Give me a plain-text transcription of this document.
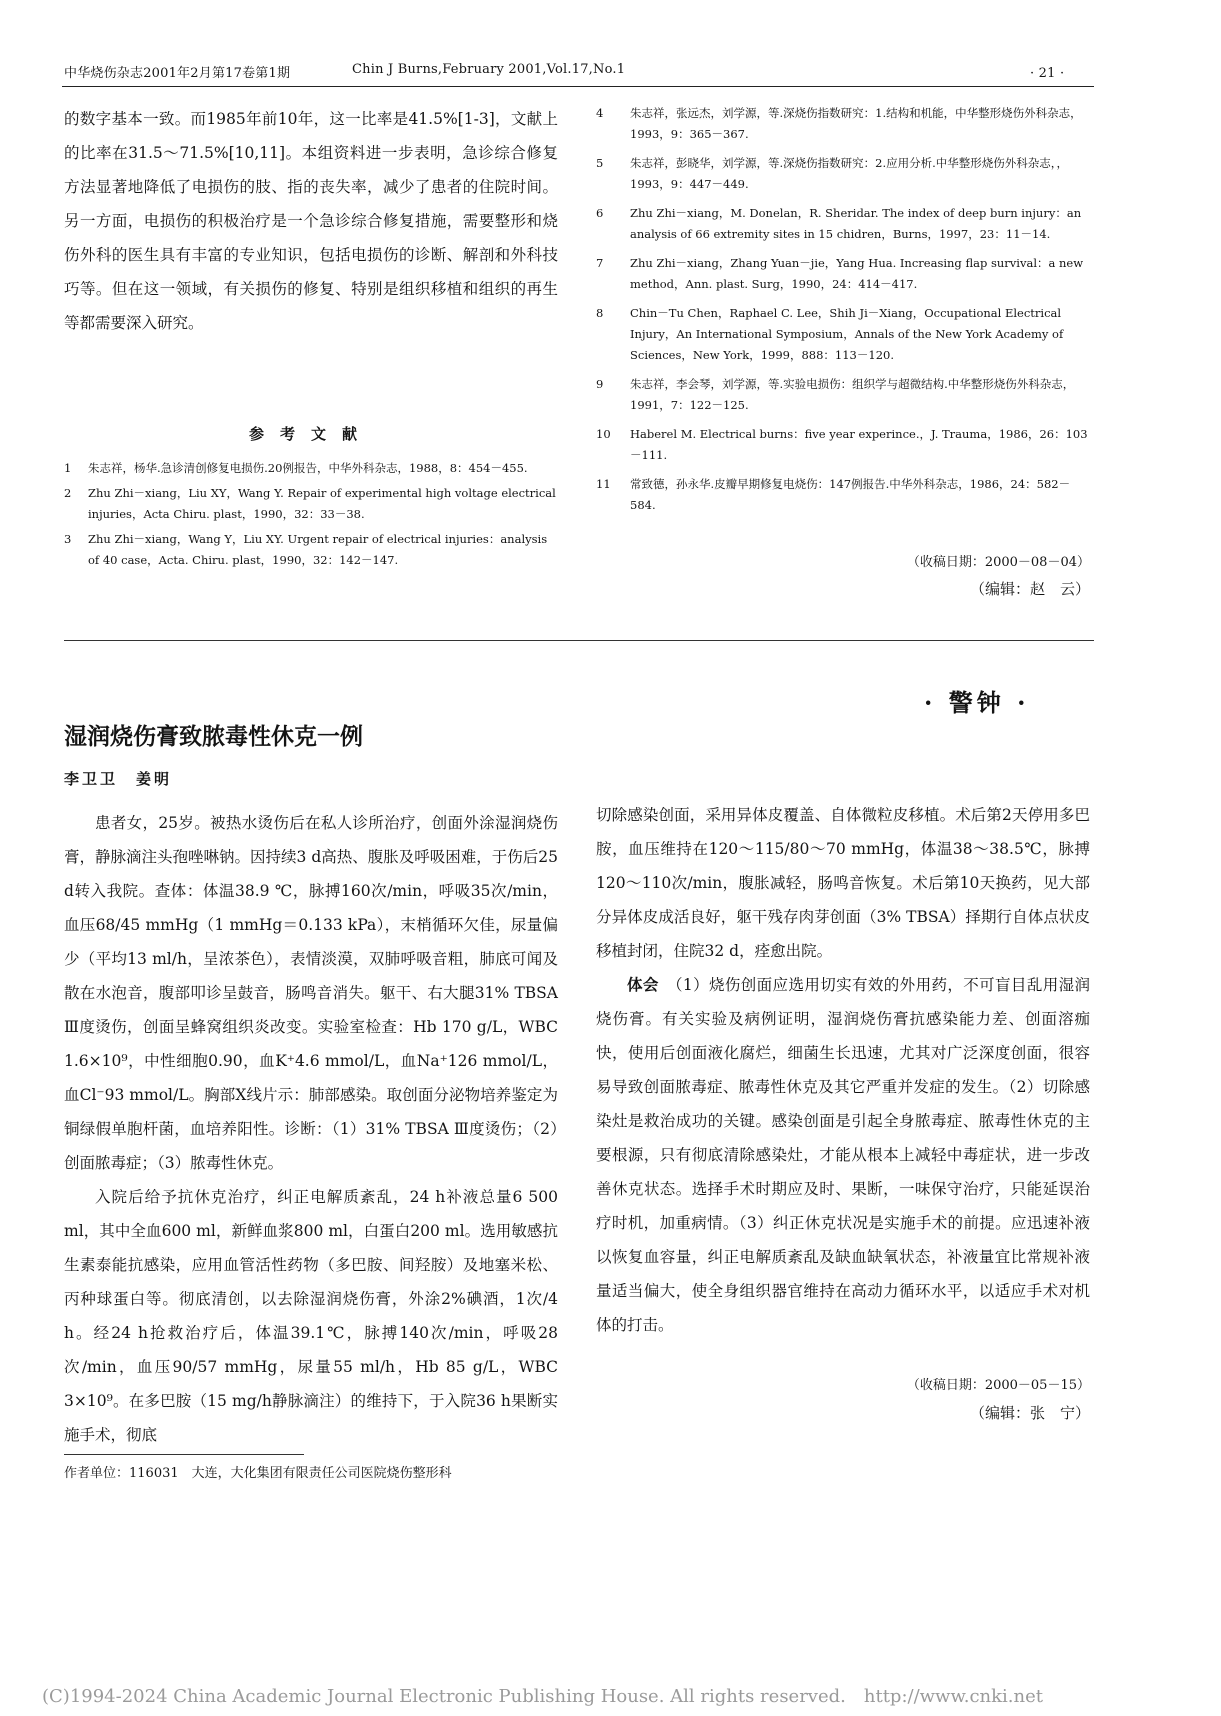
中华烧伤杂志2001年2月第17卷第1期	Chin J Burns,February 2001,Vol.17,No.1	· 21 ·
的数字基本一致。而1985年前10年，这一比率是41.5%[1-3]，文献上的比率在31.5～71.5%[10,11]。本组资料进一步表明，急诊综合修复方法显著地降低了电损伤的肢、指的丧失率，减少了患者的住院时间。另一方面，电损伤的积极治疗是一个急诊综合修复措施，需要整形和烧伤外科的医生具有丰富的专业知识，包括电损伤的诊断、解剖和外科技巧等。但在这一领域，有关损伤的修复、特别是组织移植和组织的再生等都需要深入研究。
参考文献
1	朱志祥，杨华.急诊清创修复电损伤.20例报告，中华外科杂志，1988，8：454－455.
2	Zhu Zhi－xiang，Liu XY，Wang Y. Repair of experimental high voltage electrical injuries，Acta Chiru. plast，1990，32：33－38.
3	Zhu Zhi－xiang，Wang Y，Liu XY. Urgent repair of electrical injuries：analysis of 40 case，Acta. Chiru. plast，1990，32：142－147.
4	朱志祥，张远杰，刘学源，等.深烧伤指数研究：1.结构和机能，中华整形烧伤外科杂志，1993，9：365－367.
5	朱志祥，彭晓华，刘学源，等.深烧伤指数研究：2.应用分析.中华整形烧伤外科杂志，，1993，9：447－449.
6	Zhu Zhi－xiang，M. Donelan，R. Sheridar. The index of deep burn injury：an analysis of 66 extremity sites in 15 chidren，Burns，1997，23：11－14.
7	Zhu Zhi－xiang，Zhang Yuan－jie，Yang Hua. Increasing flap survival：a new method，Ann. plast. Surg，1990，24：414－417.
8	Chin－Tu Chen，Raphael C. Lee，Shih Ji－Xiang，Occupational Electrical Injury，An International Symposium，Annals of the New York Academy of Sciences，New York，1999，888：113－120.
9	朱志祥，李会琴，刘学源，等.实验电损伤：组织学与超微结构.中华整形烧伤外科杂志，1991，7：122－125.
10	Haberel M. Electrical burns：five year experince.，J. Trauma，1986，26：103－111.
11	常致德，孙永华.皮瓣早期修复电烧伤：147例报告.中华外科杂志，1986，24：582－584.
（收稿日期：2000－08－04）
（编辑：赵　云）
· 警钟 ·
湿润烧伤膏致脓毒性休克一例
李卫卫　姜明

患者女，25岁。被热水烫伤后在私人诊所治疗，创面外涂湿润烧伤膏，静脉滴注头孢唑啉钠。因持续3 d高热、腹胀及呼吸困难，于伤后25 d转入我院。查体：体温38.9 ℃，脉搏160次/min，呼吸35次/min，血压68/45 mmHg（1 mmHg＝0.133 kPa），末梢循环欠佳，尿量偏少（平均13 ml/h，呈浓茶色），表情淡漠，双肺呼吸音粗，肺底可闻及散在水泡音，腹部叩诊呈鼓音，肠鸣音消失。躯干、右大腿31% TBSA Ⅲ度烫伤，创面呈蜂窝组织炎改变。实验室检查：Hb 170 g/L，WBC 1.6×10⁹，中性细胞0.90，血K⁺4.6 mmol/L，血Na⁺126 mmol/L，血Cl⁻93 mmol/L。胸部X线片示：肺部感染。取创面分泌物培养鉴定为铜绿假单胞杆菌，血培养阳性。诊断：（1）31% TBSA Ⅲ度烫伤；（2）创面脓毒症；（3）脓毒性休克。

入院后给予抗休克治疗，纠正电解质紊乱，24 h补液总量6 500 ml，其中全血600 ml，新鲜血浆800 ml，白蛋白200 ml。选用敏感抗生素泰能抗感染，应用血管活性药物（多巴胺、间羟胺）及地塞米松、丙种球蛋白等。彻底清创，以去除湿润烧伤膏，外涂2%碘酒，1次/4 h。经24 h抢救治疗后，体温39.1℃，脉搏140次/min，呼吸28次/min，血压90/57 mmHg，尿量55 ml/h，Hb 85 g/L，WBC 3×10⁹。在多巴胺（15 mg/h静脉滴注）的维持下，于入院36 h果断实施手术，彻底

切除感染创面，采用异体皮覆盖、自体微粒皮移植。术后第2天停用多巴胺，血压维持在120～115/80～70 mmHg，体温38～38.5℃，脉搏120～110次/min，腹胀减轻，肠鸣音恢复。术后第10天换药，见大部分异体皮成活良好，躯干残存肉芽创面（3% TBSA）择期行自体点状皮移植封闭，住院32 d，痊愈出院。

体会　 （1）烧伤创面应选用切实有效的外用药，不可盲目乱用湿润烧伤膏。有关实验及病例证明，湿润烧伤膏抗感染能力差、创面溶痂快，使用后创面液化腐烂，细菌生长迅速，尤其对广泛深度创面，很容易导致创面脓毒症、脓毒性休克及其它严重并发症的发生。（2）切除感染灶是救治成功的关键。感染创面是引起全身脓毒症、脓毒性休克的主要根源，只有彻底清除感染灶，才能从根本上减轻中毒症状，进一步改善休克状态。选择手术时期应及时、果断，一味保守治疗，只能延误治疗时机，加重病情。（3）纠正休克状况是实施手术的前提。应迅速补液以恢复血容量，纠正电解质紊乱及缺血缺氧状态，补液量宜比常规补液量适当偏大，使全身组织器官维持在高动力循环水平，以适应手术对机体的打击。

（收稿日期：2000－05－15）
（编辑：张　宁）
作者单位：116031　大连，大化集团有限责任公司医院烧伤整形科
(C)1994-2024 China Academic Journal Electronic Publishing House. All rights reserved.　http://www.cnki.net
